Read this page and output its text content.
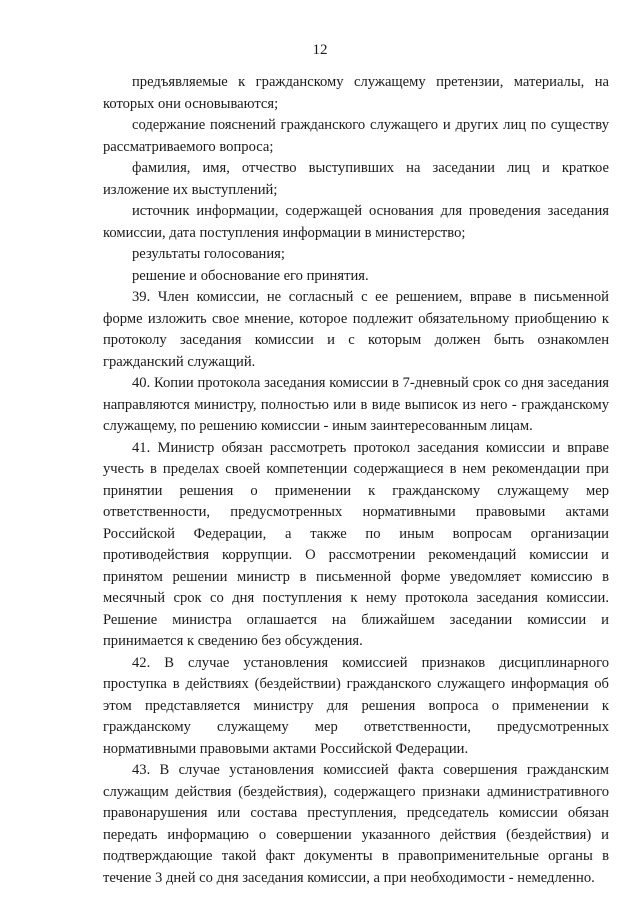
12

предъявляемые к гражданскому служащему претензии, материалы, на которых они основываются;

содержание пояснений гражданского служащего и других лиц по существу рассматриваемого вопроса;

фамилия, имя, отчество выступивших на заседании лиц и краткое изложение их выступлений;

источник информации, содержащей основания для проведения заседания комиссии, дата поступления информации в министерство;

результаты голосования;

решение и обоснование его принятия.

39. Член комиссии, не согласный с ее решением, вправе в письменной форме изложить свое мнение, которое подлежит обязательному приобщению к протоколу заседания комиссии и с которым должен быть ознакомлен гражданский служащий.

40. Копии протокола заседания комиссии в 7-дневный срок со дня заседания направляются министру, полностью или в виде выписок из него - гражданскому служащему, по решению комиссии - иным заинтересованным лицам.

41. Министр обязан рассмотреть протокол заседания комиссии и вправе учесть в пределах своей компетенции содержащиеся в нем рекомендации при принятии решения о применении к гражданскому служащему мер ответственности, предусмотренных нормативными правовыми актами Российской Федерации, а также по иным вопросам организации противодействия коррупции. О рассмотрении рекомендаций комиссии и принятом решении министр в письменной форме уведомляет комиссию в месячный срок со дня поступления к нему протокола заседания комиссии. Решение министра оглашается на ближайшем заседании комиссии и принимается к сведению без обсуждения.

42. В случае установления комиссией признаков дисциплинарного проступка в действиях (бездействии) гражданского служащего информация об этом представляется министру для решения вопроса о применении к гражданскому служащему мер ответственности, предусмотренных нормативными правовыми актами Российской Федерации.

43. В случае установления комиссией факта совершения гражданским служащим действия (бездействия), содержащего признаки административного правонарушения или состава преступления, председатель комиссии обязан передать информацию о совершении указанного действия (бездействия) и подтверждающие такой факт документы в правоприменительные органы в течение 3 дней со дня заседания комиссии, а при необходимости - немедленно.
